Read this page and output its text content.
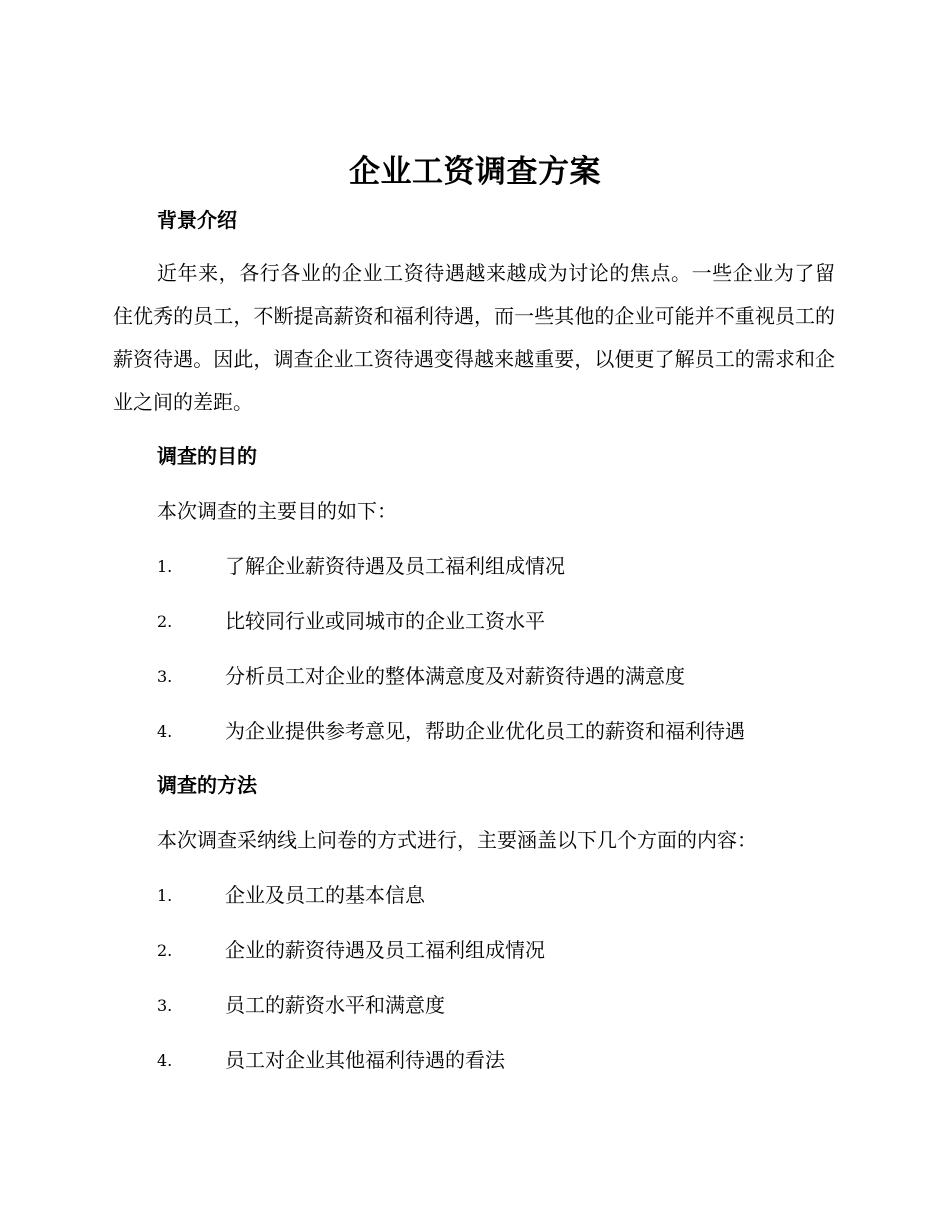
企业工资调查方案
背景介绍

近年来，各行各业的企业工资待遇越来越成为讨论的焦点。一些企业为了留住优秀的员工，不断提高薪资和福利待遇，而一些其他的企业可能并不重视员工的薪资待遇。因此，调查企业工资待遇变得越来越重要，以便更了解员工的需求和企业之间的差距。

调查的目的
本次调查的主要目的如下：
1.	了解企业薪资待遇及员工福利组成情况
2.	比较同行业或同城市的企业工资水平
3.	分析员工对企业的整体满意度及对薪资待遇的满意度
4.	为企业提供参考意见，帮助企业优化员工的薪资和福利待遇
调查的方法
本次调查采纳线上问卷的方式进行，主要涵盖以下几个方面的内容：
1.	企业及员工的基本信息
2.	企业的薪资待遇及员工福利组成情况
3.	员工的薪资水平和满意度
4.	员工对企业其他福利待遇的看法
